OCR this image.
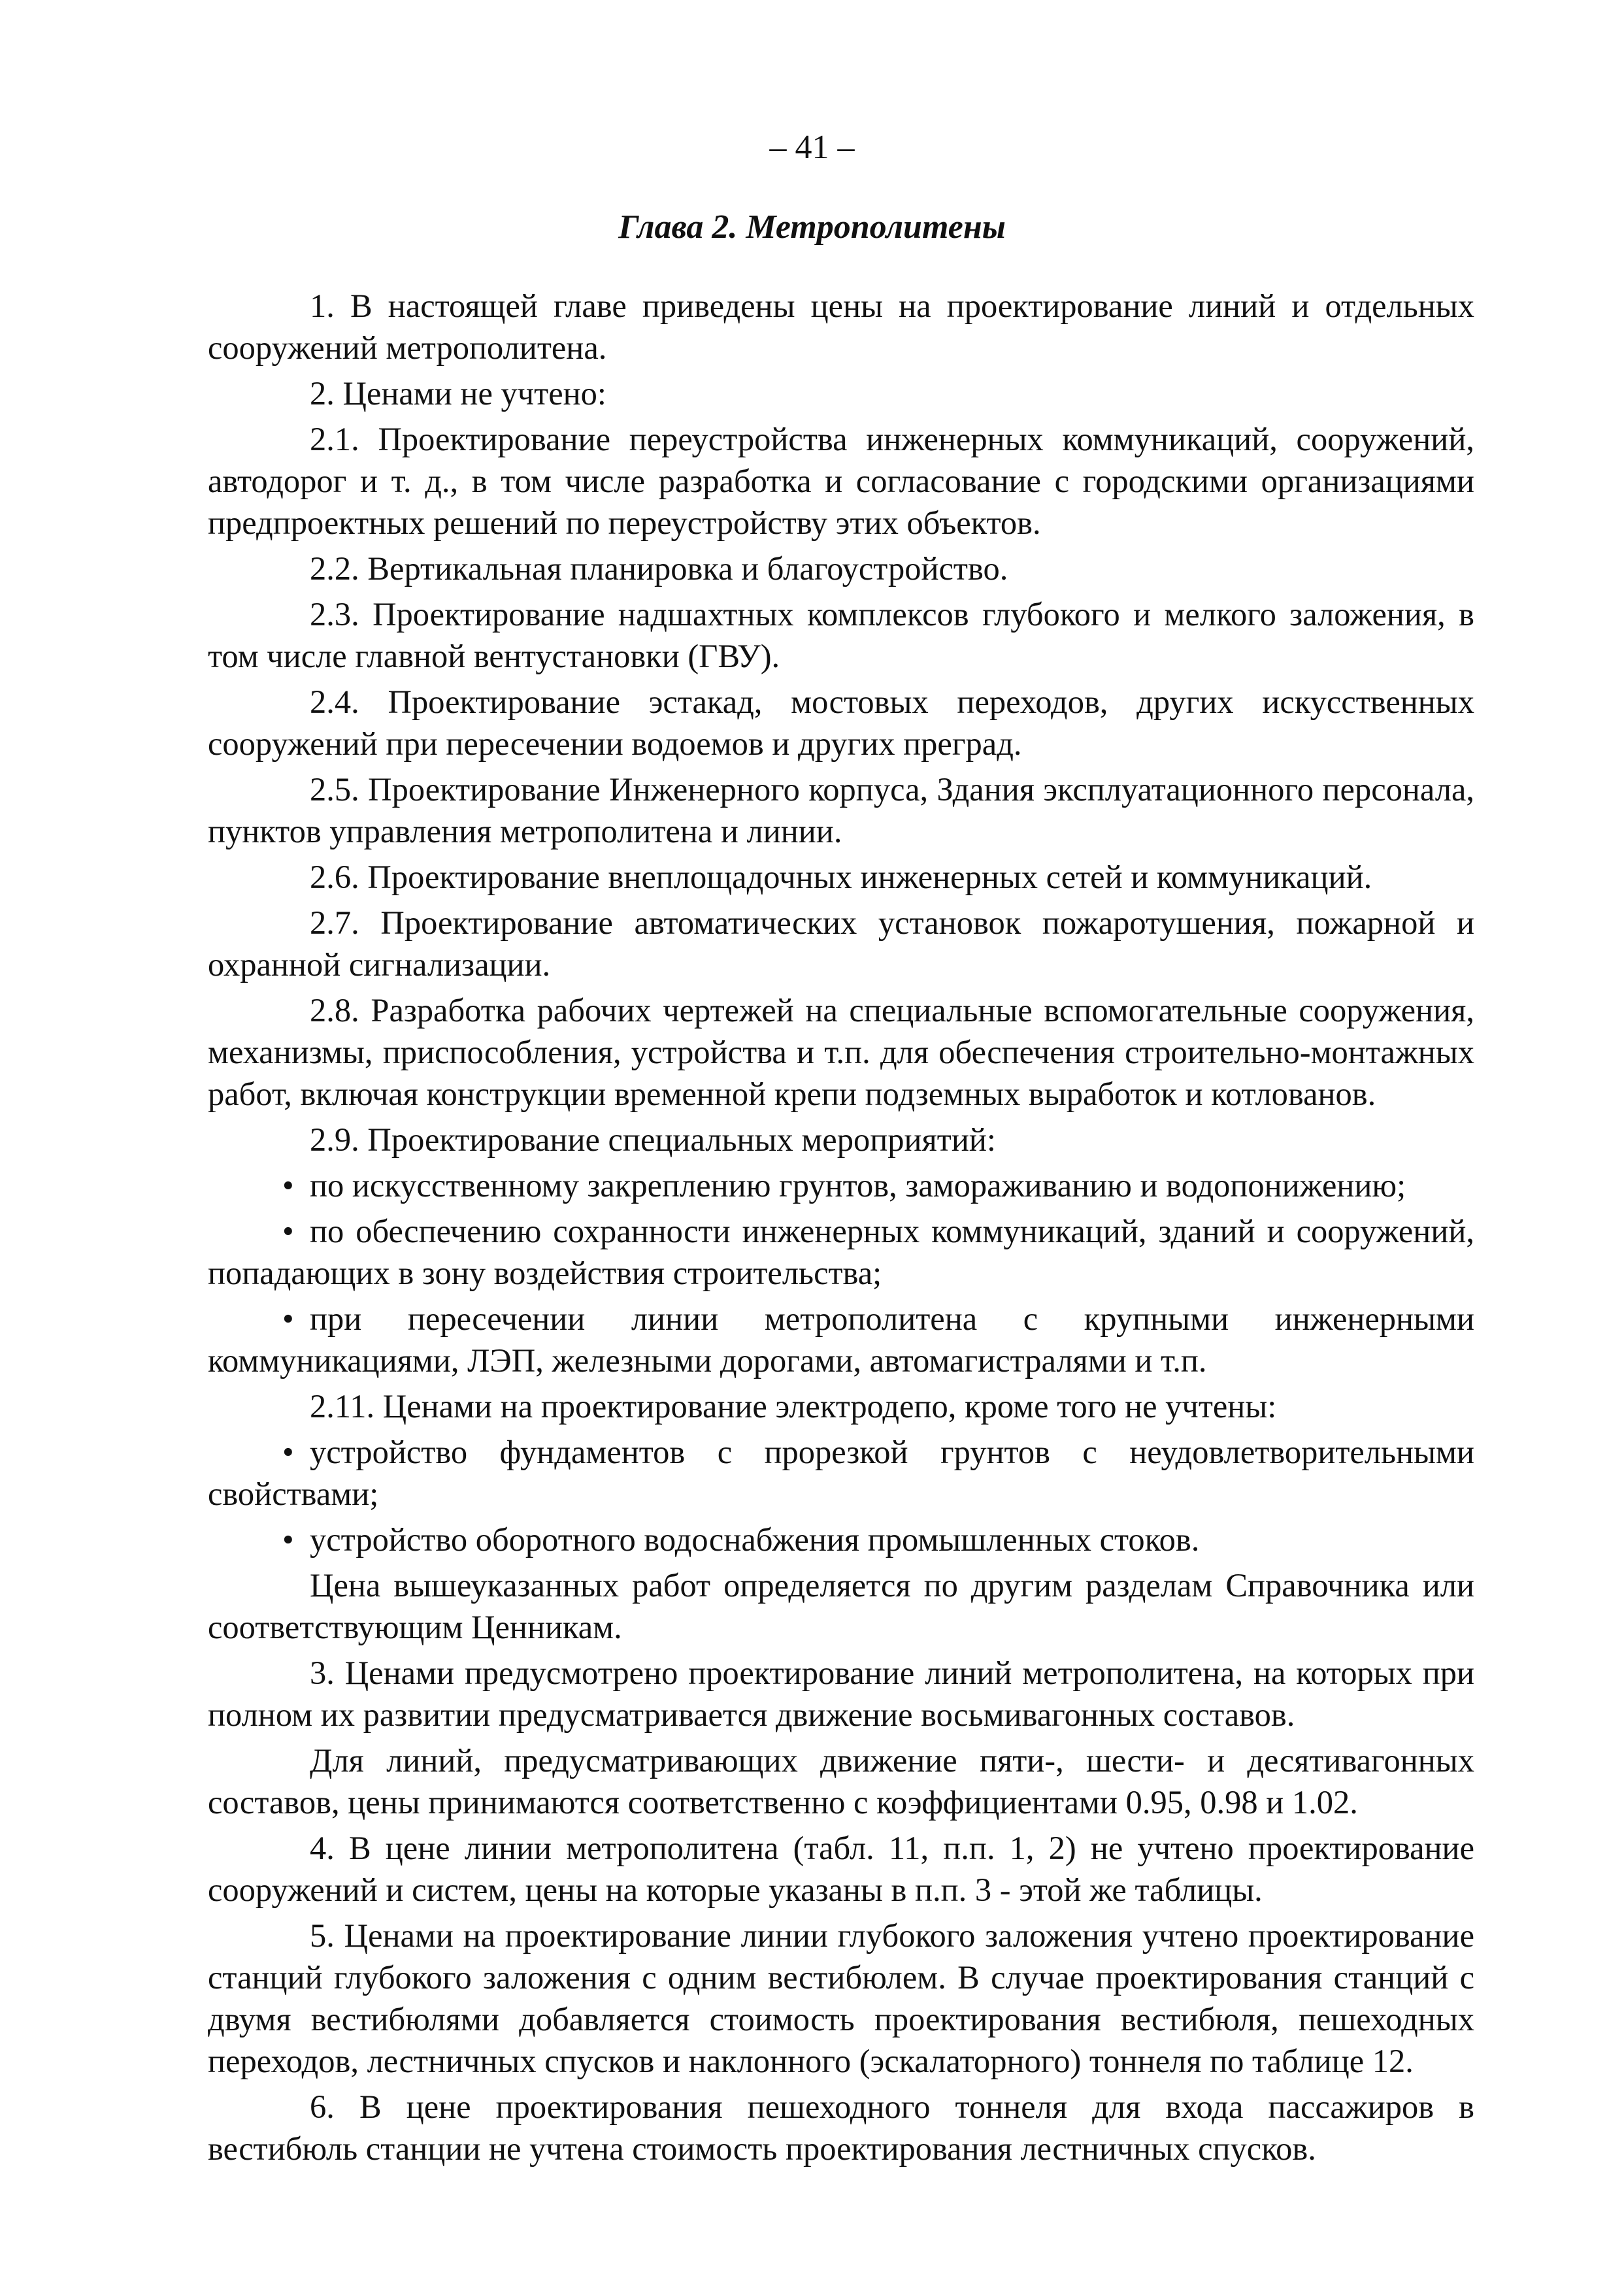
– 41 –
Глава 2. Метрополитены

1. В настоящей главе приведены цены на проектирование линий и отдельных сооружений метрополитена.

2. Ценами не учтено:

2.1. Проектирование переустройства инженерных коммуникаций, сооружений, автодорог и т. д., в том числе разработка и согласование с городскими организациями предпроектных решений по переустройству этих объектов.

2.2. Вертикальная планировка и благоустройство.

2.3. Проектирование надшахтных комплексов глубокого и мелкого заложения, в том числе главной вентустановки (ГВУ).

2.4. Проектирование эстакад, мостовых переходов, других искусственных сооружений при пересечении водоемов и других преград.

2.5. Проектирование Инженерного корпуса, Здания эксплуатационного персонала, пунктов управления метрополитена и линии.

2.6. Проектирование внеплощадочных инженерных сетей и коммуникаций.

2.7. Проектирование автоматических установок пожаротушения, пожарной и охранной сигнализации.

2.8. Разработка рабочих чертежей на специальные вспомогательные сооружения, механизмы, приспособления, устройства и т.п. для обеспечения строительно-монтажных работ, включая конструкции временной крепи подземных выработок и котлованов.

2.9. Проектирование специальных мероприятий:

• по искусственному закреплению грунтов, замораживанию и водопонижению;

• по обеспечению сохранности инженерных коммуникаций, зданий и сооружений, попадающих в зону воздействия строительства;

• при пересечении линии метрополитена с крупными инженерными коммуникациями, ЛЭП, железными дорогами, автомагистралями и т.п.

2.11. Ценами на проектирование электродепо, кроме того не учтены:

• устройство фундаментов с прорезкой грунтов с неудовлетворительными свойствами;

• устройство оборотного водоснабжения промышленных стоков.

Цена вышеуказанных работ определяется по другим разделам Справочника или соответствующим Ценникам.

3. Ценами предусмотрено проектирование линий метрополитена, на которых при полном их развитии предусматривается движение восьмивагонных составов.

Для линий, предусматривающих движение пяти-, шести- и десятивагонных составов, цены принимаются соответственно с коэффициентами 0.95, 0.98 и 1.02.

4. В цене линии метрополитена (табл. 11, п.п. 1, 2) не учтено проектирование сооружений и систем, цены на которые указаны в п.п. 3 - этой же таблицы.

5. Ценами на проектирование линии глубокого заложения учтено проектирование станций глубокого заложения с одним вестибюлем. В случае проектирования станций с двумя вестибюлями добавляется стоимость проектирования вестибюля, пешеходных переходов, лестничных спусков и наклонного (эскалаторного) тоннеля по таблице 12.

6. В цене проектирования пешеходного тоннеля для входа пассажиров в вестибюль станции не учтена стоимость проектирования лестничных спусков.
